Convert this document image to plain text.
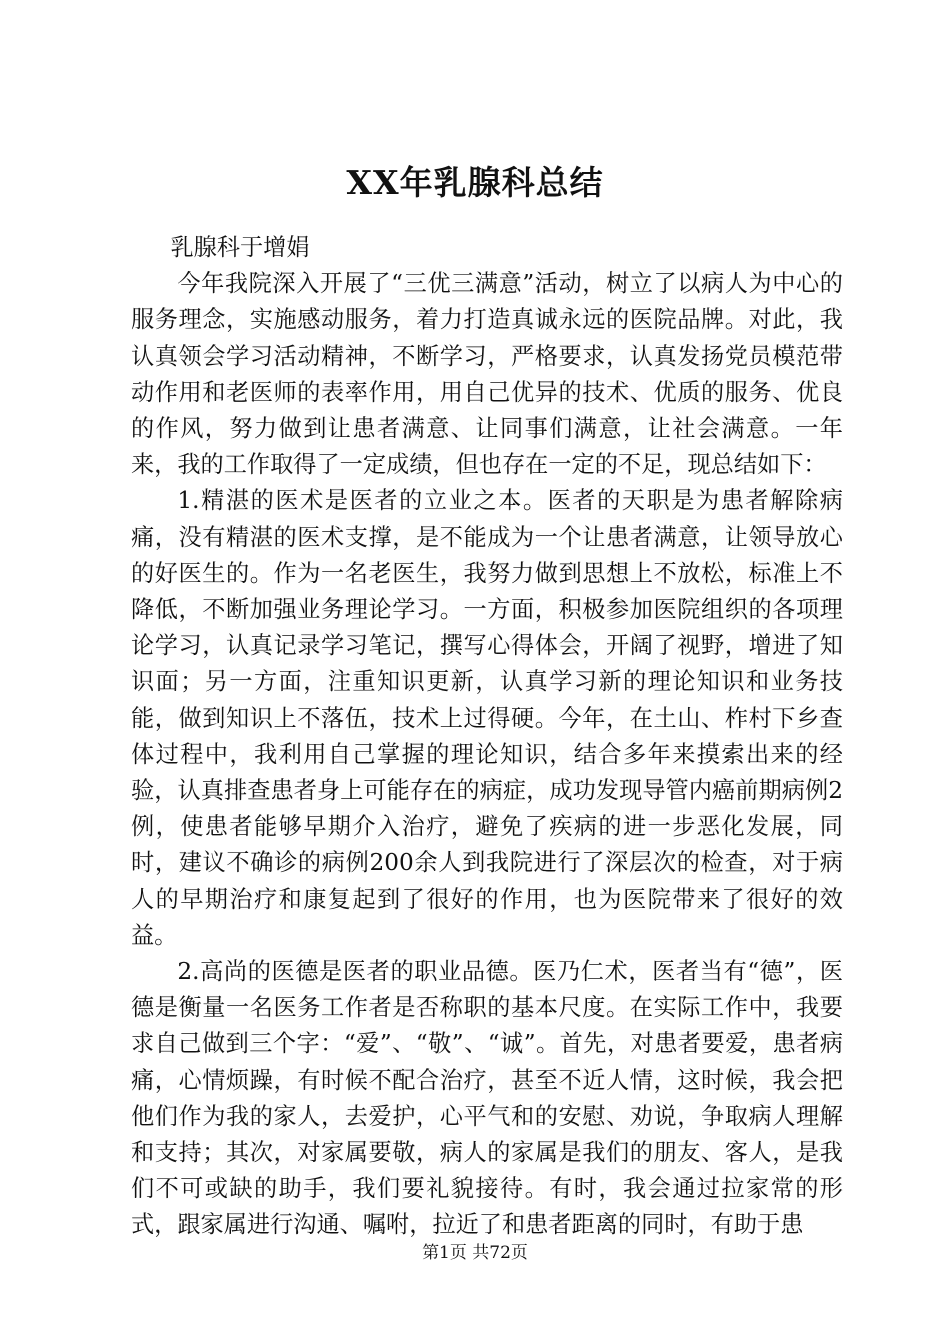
XX年乳腺科总结

乳腺科于增娟

今年我院深入开展了“三优三满意”活动，树立了以病人为中心的服务理念，实施感动服务，着力打造真诚永远的医院品牌。对此，我认真领会学习活动精神，不断学习，严格要求，认真发扬党员模范带动作用和老医师的表率作用，用自己优异的技术、优质的服务、优良的作风，努力做到让患者满意、让同事们满意，让社会满意。一年来，我的工作取得了一定成绩，但也存在一定的不足，现总结如下：

1.精湛的医术是医者的立业之本。医者的天职是为患者解除病痛，没有精湛的医术支撑，是不能成为一个让患者满意，让领导放心的好医生的。作为一名老医生，我努力做到思想上不放松，标准上不降低，不断加强业务理论学习。一方面，积极参加医院组织的各项理论学习，认真记录学习笔记，撰写心得体会，开阔了视野，增进了知识面；另一方面，注重知识更新，认真学习新的理论知识和业务技能，做到知识上不落伍，技术上过得硬。今年，在土山、柞村下乡查体过程中，我利用自己掌握的理论知识，结合多年来摸索出来的经验，认真排查患者身上可能存在的病症，成功发现导管内癌前期病例2例，使患者能够早期介入治疗，避免了疾病的进一步恶化发展，同时，建议不确诊的病例200余人到我院进行了深层次的检查，对于病人的早期治疗和康复起到了很好的作用，也为医院带来了很好的效益。

2.高尚的医德是医者的职业品德。医乃仁术，医者当有“德”，医德是衡量一名医务工作者是否称职的基本尺度。在实际工作中，我要求自己做到三个字：“爱”、“敬”、“诚”。首先，对患者要爱，患者病痛，心情烦躁，有时候不配合治疗，甚至不近人情，这时候，我会把他们作为我的家人，去爱护，心平气和的安慰、劝说，争取病人理解和支持；其次，对家属要敬，病人的家属是我们的朋友、客人，是我们不可或缺的助手，我们要礼貌接待。有时，我会通过拉家常的形式，跟家属进行沟通、嘱咐，拉近了和患者距离的同时，有助于患

第1页 共72页
